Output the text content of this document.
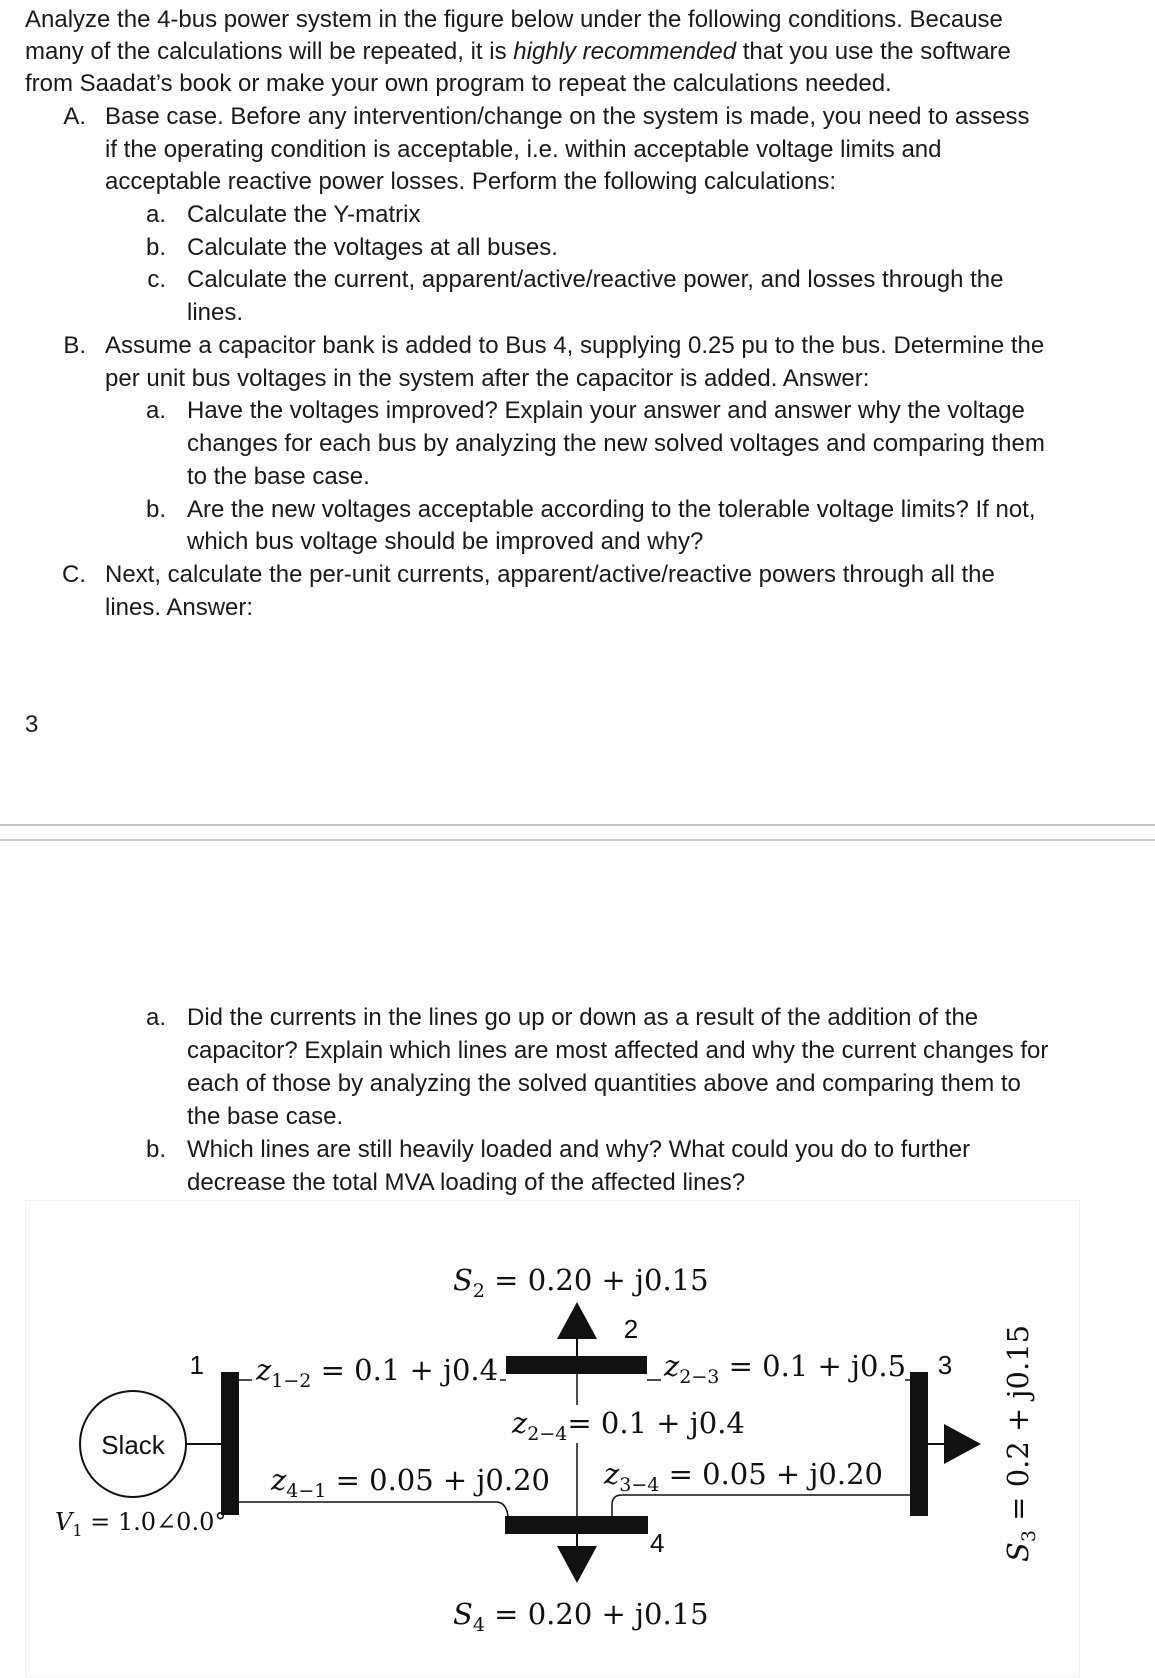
Analyze the 4-bus power system in the figure below under the following conditions. Because
many of the calculations will be repeated, it is highly recommended that you use the software
from Saadat’s book or make your own program to repeat the calculations needed.
A. Base case. Before any intervention/change on the system is made, you need to assess
if the operating condition is acceptable, i.e. within acceptable voltage limits and
acceptable reactive power losses. Perform the following calculations:
a. Calculate the Y-matrix
b. Calculate the voltages at all buses.
c. Calculate the current, apparent/active/reactive power, and losses through the
lines.
B. Assume a capacitor bank is added to Bus 4, supplying 0.25 pu to the bus. Determine the
per unit bus voltages in the system after the capacitor is added. Answer:
a. Have the voltages improved? Explain your answer and answer why the voltage
changes for each bus by analyzing the new solved voltages and comparing them
to the base case.
b. Are the new voltages acceptable according to the tolerable voltage limits? If not,
which bus voltage should be improved and why?
C. Next, calculate the per-unit currents, apparent/active/reactive powers through all the
lines. Answer:
3
a. Did the currents in the lines go up or down as a result of the addition of the
capacitor? Explain which lines are most affected and why the current changes for
each of those by analyzing the solved quantities above and comparing them to
the base case.
b. Which lines are still heavily loaded and why? What could you do to further
decrease the total MVA loading of the affected lines?
Slack
1
2
3
4
$V_1$ = 1.0∠0.0°
$S_2 = 0.20 + j0.15$
$S_4 = 0.20 + j0.15$
$S_3 = 0.2 + j0.15$
$z_{1-2} = 0.1 + j0.4$	$z_{2-3} = 0.1 + j0.5$
$z_{2-4}= 0.1 + j0.4$
$z_{4-1} = 0.05 + j0.20$ $z_{3-4} = 0.05 + j0.20$
